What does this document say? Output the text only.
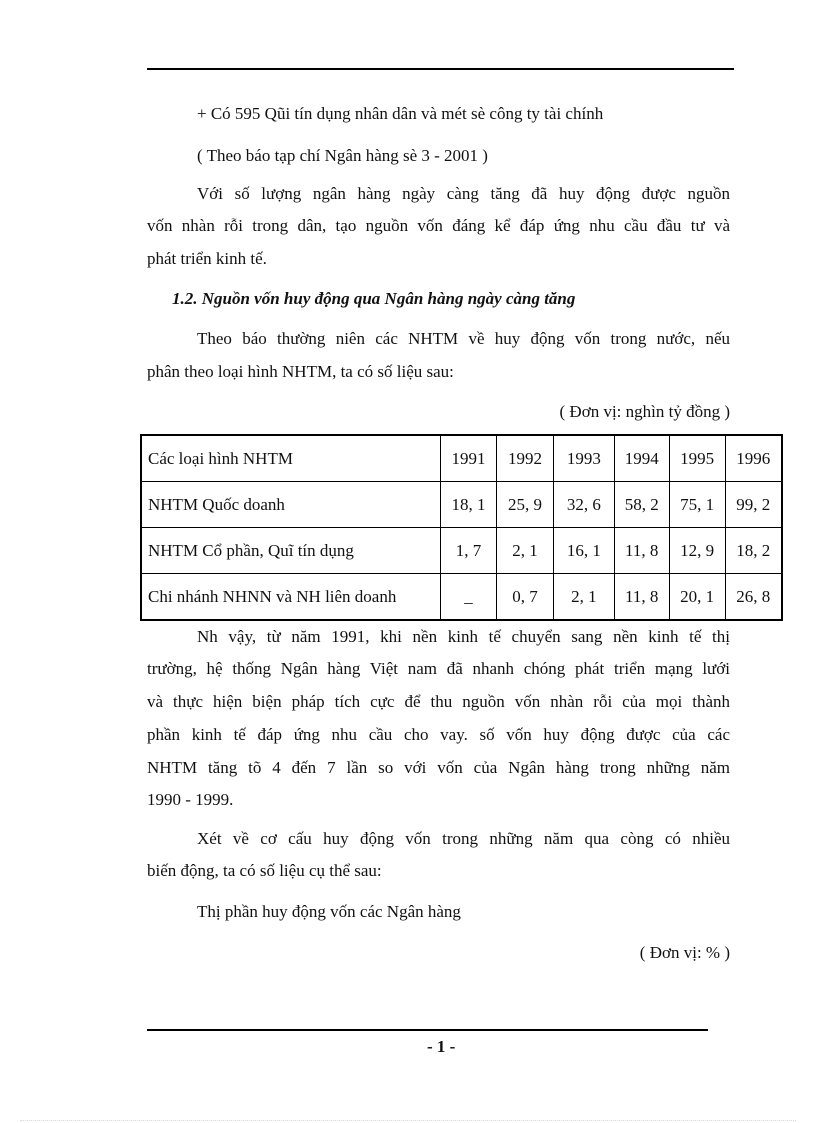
+ Có 595 Qũi tín dụng nhân dân và mét sè công ty tài chính
( Theo báo tạp chí Ngân hàng sè 3 - 2001 )
Với số lượng ngân hàng ngày càng tăng đã huy động được nguồn
vốn nhàn rỗi trong dân, tạo nguồn vốn đáng kể đáp ứng nhu cầu đầu tư và
phát triển kinh tế.
1.2. Nguồn vốn huy động qua Ngân hàng ngày càng tăng
Theo báo thường niên các NHTM về huy động vốn trong nước, nếu
phân theo loại hình NHTM, ta có số liệu sau:
( Đơn vị: nghìn tỷ đồng )
Các loại hình NHTM	1991	1992	1993	1994	1995	1996
NHTM Quốc doanh	18, 1	25, 9	32, 6	58, 2	75, 1	99, 2
NHTM Cổ phần, Quĩ tín dụng	1, 7	2, 1	16, 1	11, 8	12, 9	18, 2
Chi nhánh NHNN và NH liên doanh	_	0, 7	2, 1	11, 8	20, 1	26, 8
Nh vậy, từ năm 1991, khi nền kinh tế chuyển sang nền kinh tế thị
trường, hệ thống Ngân hàng Việt nam đã nhanh chóng phát triển mạng lưới
và thực hiện biện pháp tích cực để thu nguồn vốn nhàn rỗi của mọi thành
phần kinh tế đáp ứng nhu cầu cho vay. số vốn huy động được của các
NHTM tăng tõ 4 đến 7 lần so với vốn của Ngân hàng trong những năm
1990 - 1999.
Xét về cơ cấu huy động vốn trong những năm qua còng có nhiều
biến động, ta có số liệu cụ thể sau:
Thị phần huy động vốn các Ngân hàng
( Đơn vị: % )
- 1 -
